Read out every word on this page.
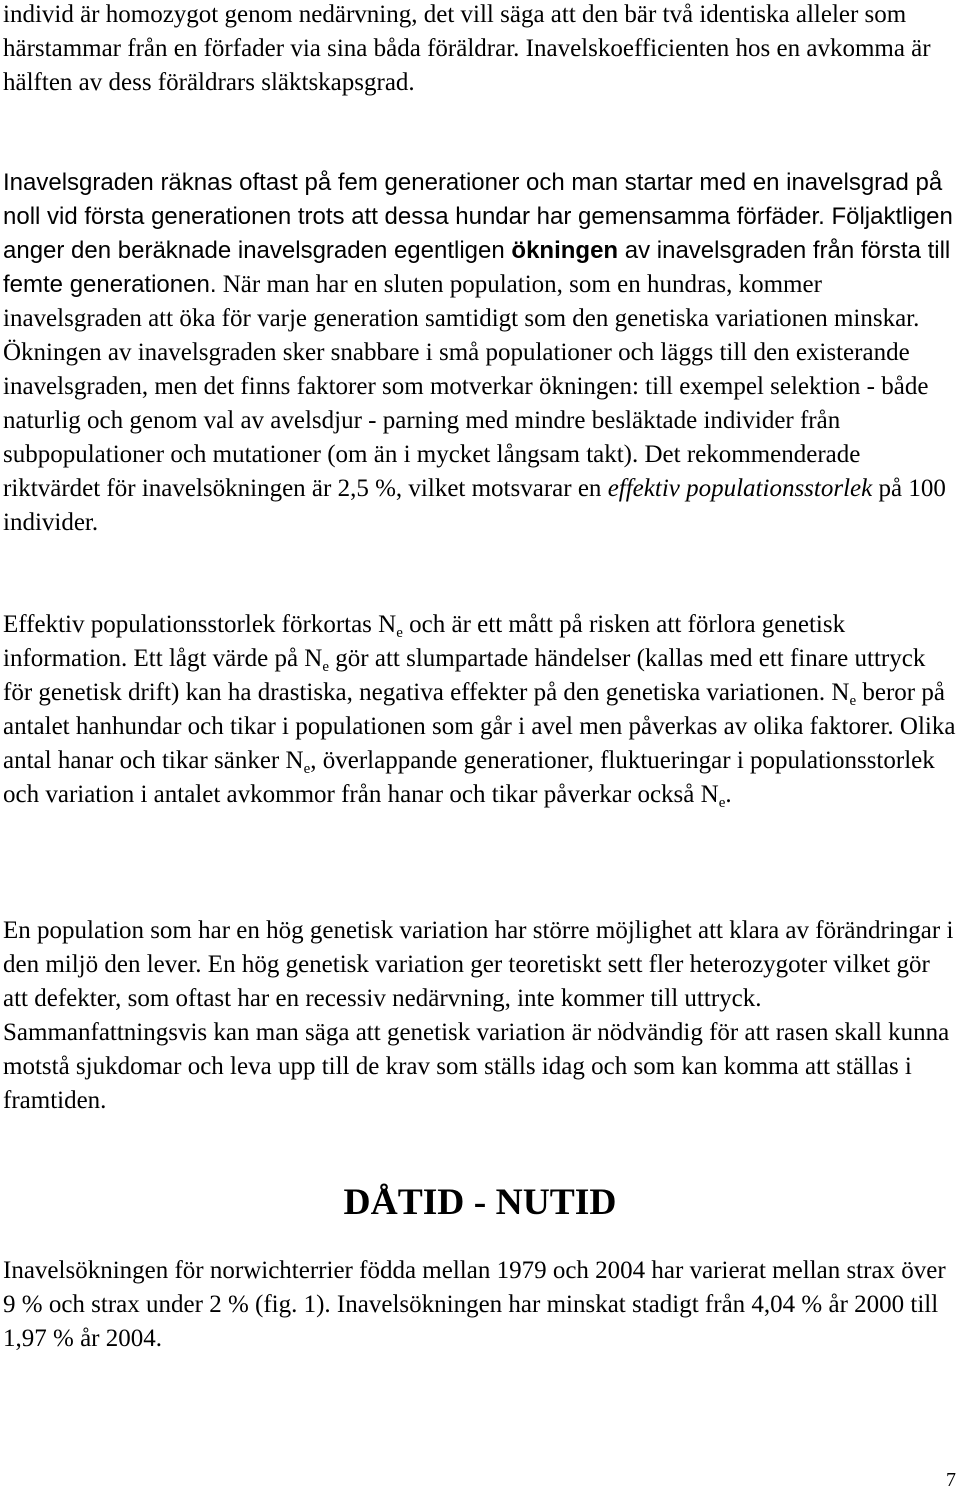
individ är homozygot genom nedärvning, det vill säga att den bär två identiska alleler som härstammar från en förfader via sina båda föräldrar. Inavelskoefficienten hos en avkomma är hälften av dess föräldrars släktskapsgrad.

Inavelsgraden räknas oftast på fem generationer och man startar med en inavelsgrad på noll vid första generationen trots att dessa hundar har gemensamma förfäder. Följaktligen anger den beräknade inavelsgraden egentligen ökningen av inavelsgraden från första till femte generationen. När man har en sluten population, som en hundras, kommer inavelsgraden att öka för varje generation samtidigt som den genetiska variationen minskar. Ökningen av inavelsgraden sker snabbare i små populationer och läggs till den existerande inavelsgraden, men det finns faktorer som motverkar ökningen: till exempel selektion - både naturlig och genom val av avelsdjur - parning med mindre besläktade individer från subpopulationer och mutationer (om än i mycket långsam takt). Det rekommenderade riktvärdet för inavelsökningen är 2,5 %, vilket motsvarar en effektiv populationsstorlek på 100 individer.

Effektiv populationsstorlek förkortas $N_e$ och är ett mått på risken att förlora genetisk information. Ett lågt värde på $N_e$ gör att slumpartade händelser (kallas med ett finare uttryck för genetisk drift) kan ha drastiska, negativa effekter på den genetiska variationen. $N_e$ beror på antalet hanhundar och tikar i populationen som går i avel men påverkas av olika faktorer. Olika antal hanar och tikar sänker $N_e$, överlappande generationer, fluktueringar i populationsstorlek och variation i antalet avkommor från hanar och tikar påverkar också $N_e$.

En population som har en hög genetisk variation har större möjlighet att klara av förändringar i den miljö den lever. En hög genetisk variation ger teoretiskt sett fler heterozygoter vilket gör att defekter, som oftast har en recessiv nedärvning, inte kommer till uttryck. Sammanfattningsvis kan man säga att genetisk variation är nödvändig för att rasen skall kunna motstå sjukdomar och leva upp till de krav som ställs idag och som kan komma att ställas i framtiden.

DÅTID - NUTID

Inavelsökningen för norwichterrier födda mellan 1979 och 2004 har varierat mellan strax över 9 % och strax under 2 % (fig. 1). Inavelsökningen har minskat stadigt från 4,04 % år 2000 till 1,97 % år 2004.

7
